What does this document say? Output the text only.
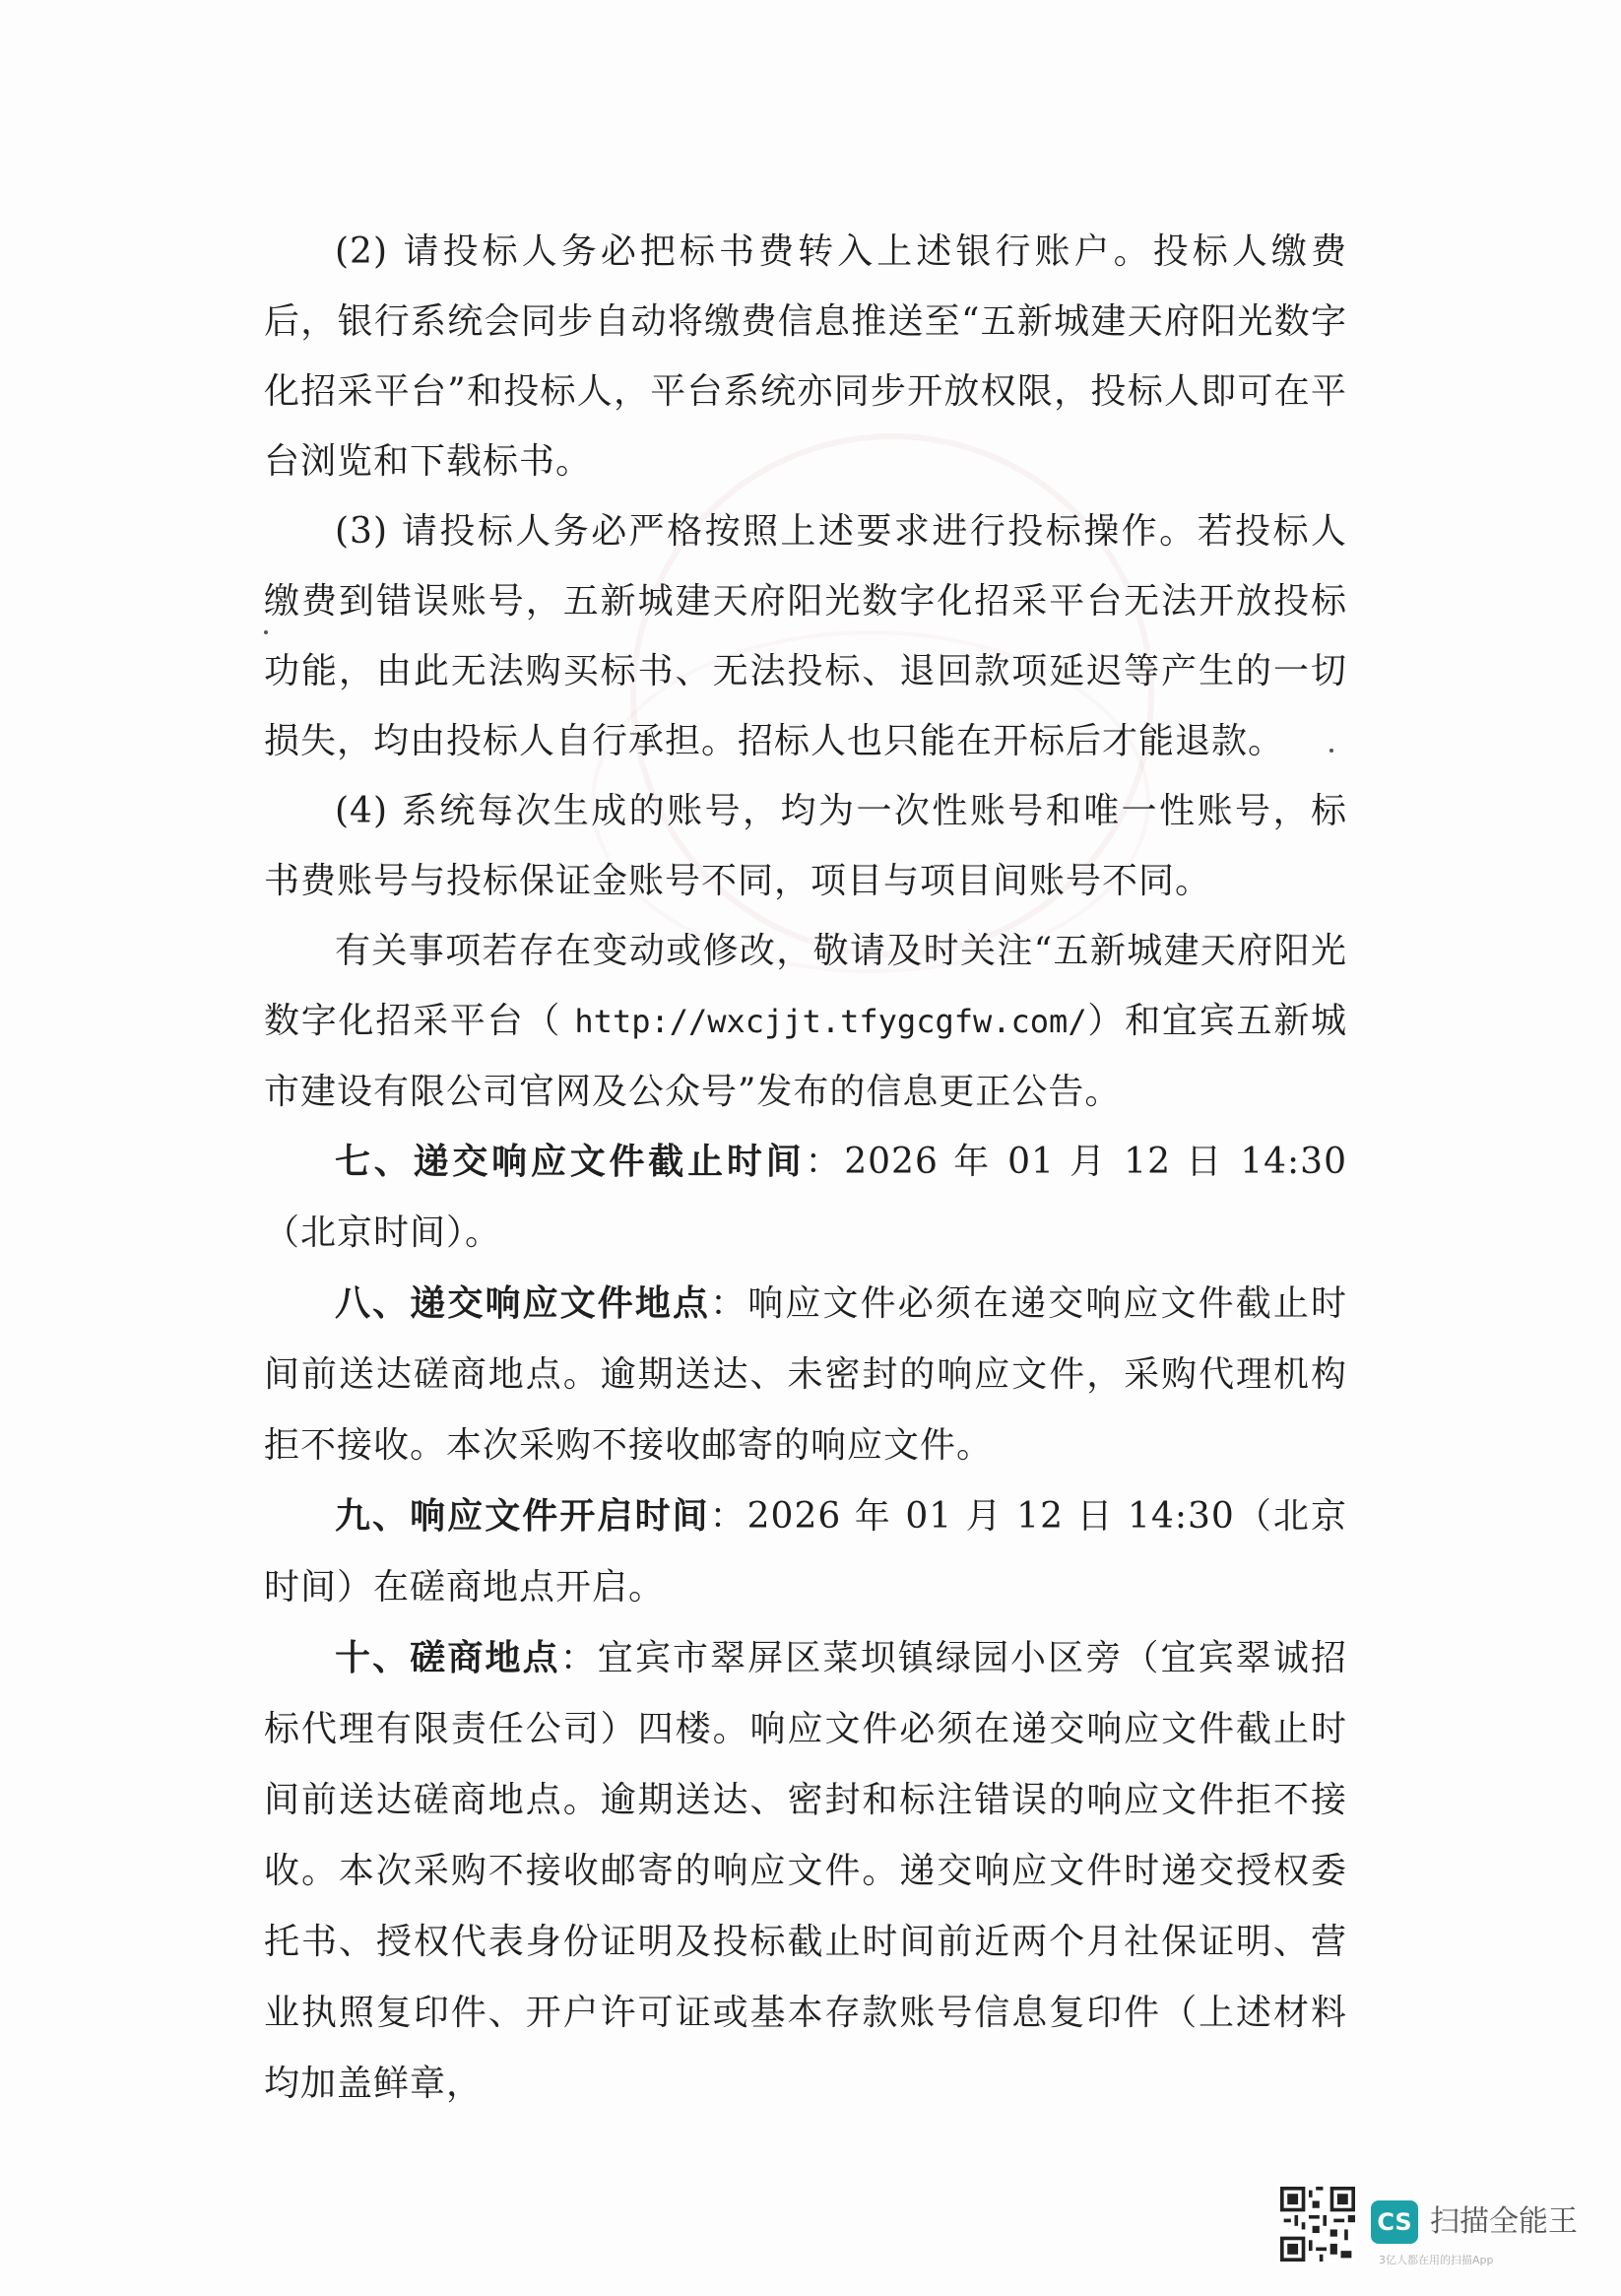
(2) 请投标人务必把标书费转入上述银行账户。投标人缴费后，银行系统会同步自动将缴费信息推送至“五新城建天府阳光数字化招采平台”和投标人，平台系统亦同步开放权限，投标人即可在平台浏览和下载标书。

(3) 请投标人务必严格按照上述要求进行投标操作。若投标人缴费到错误账号，五新城建天府阳光数字化招采平台无法开放投标功能，由此无法购买标书、无法投标、退回款项延迟等产生的一切损失，均由投标人自行承担。招标人也只能在开标后才能退款。

(4) 系统每次生成的账号，均为一次性账号和唯一性账号，标书费账号与投标保证金账号不同，项目与项目间账号不同。

有关事项若存在变动或修改，敬请及时关注“五新城建天府阳光数字化招采平台（ http://wxcjjt.tfygcgfw.com/）和宜宾五新城市建设有限公司官网及公众号”发布的信息更正公告。

七、递交响应文件截止时间：2026 年 01 月 12 日 14:30（北京时间）。

八、递交响应文件地点：响应文件必须在递交响应文件截止时间前送达磋商地点。逾期送达、未密封的响应文件，采购代理机构拒不接收。本次采购不接收邮寄的响应文件。

九、响应文件开启时间：2026 年 01 月 12 日 14:30（北京时间）在磋商地点开启。

十、磋商地点：宜宾市翠屏区菜坝镇绿园小区旁（宜宾翠诚招标代理有限责任公司）四楼。响应文件必须在递交响应文件截止时间前送达磋商地点。逾期送达、密封和标注错误的响应文件拒不接收。本次采购不接收邮寄的响应文件。递交响应文件时递交授权委托书、授权代表身份证明及投标截止时间前近两个月社保证明、营业执照复印件、开户许可证或基本存款账号信息复印件（上述材料均加盖鲜章，

CS 扫描全能王
3亿人都在用的扫描App
